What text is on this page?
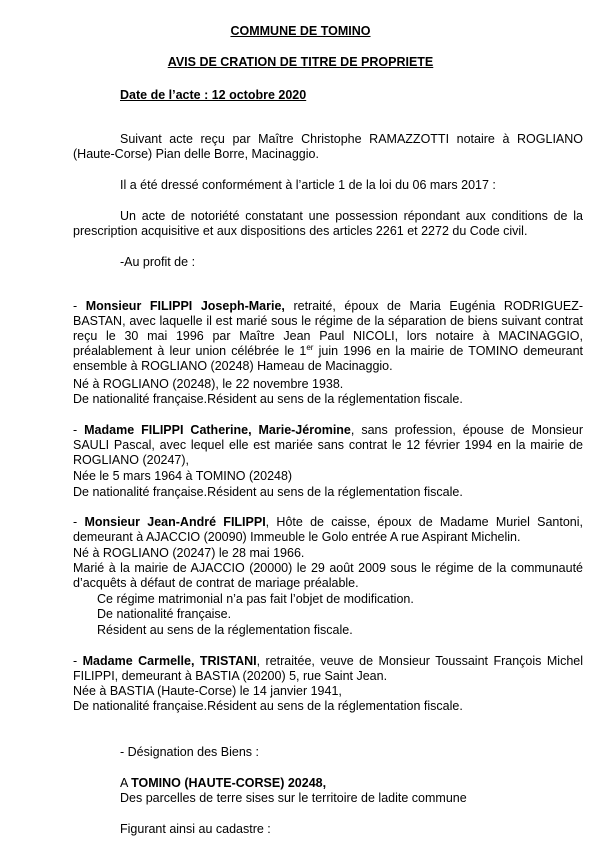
COMMUNE DE TOMINO
AVIS DE CRATION DE TITRE DE PROPRIETE
Date de l’acte : 12 octobre 2020
Suivant acte reçu par Maître Christophe RAMAZZOTTI notaire à ROGLIANO (Haute-Corse) Pian delle Borre, Macinaggio.
Il a été dressé conformément à l’article 1 de la loi du 06 mars 2017 :
Un acte de notoriété constatant une possession répondant aux conditions de la prescription acquisitive et aux dispositions des articles 2261 et 2272 du Code civil.
-Au profit de :
- Monsieur FILIPPI Joseph-Marie, retraité, époux de Maria Eugénia RODRIGUEZ-BASTAN, avec laquelle il est marié sous le régime de la séparation de biens suivant contrat reçu le 30 mai 1996 par Maître Jean Paul NICOLI, lors notaire à MACINAGGIO, préalablement à leur union célébrée le 1er juin 1996 en la mairie de TOMINO demeurant ensemble à ROGLIANO (20248) Hameau de Macinaggio.
Né à ROGLIANO (20248), le 22 novembre 1938.
De nationalité française.Résident au sens de la réglementation fiscale.
- Madame FILIPPI Catherine, Marie-Jéromine, sans profession, épouse de Monsieur SAULI Pascal, avec lequel elle est mariée sans contrat le 12 février 1994 en la mairie de ROGLIANO (20247),
Née le 5 mars 1964 à TOMINO (20248)
De nationalité française.Résident au sens de la réglementation fiscale.
- Monsieur Jean-André FILIPPI, Hôte de caisse, époux de Madame Muriel Santoni, demeurant à AJACCIO (20090) Immeuble le Golo entrée A rue Aspirant Michelin.
Né à ROGLIANO (20247) le 28 mai 1966.
Marié à la mairie de AJACCIO (20000) le 29 août 2009 sous le régime de la communauté d’acquêts à défaut de contrat de mariage préalable.
Ce régime matrimonial n’a pas fait l’objet de modification.
De nationalité française.
Résident au sens de la réglementation fiscale.
- Madame Carmelle, TRISTANI, retraitée, veuve de Monsieur Toussaint François Michel FILIPPI, demeurant à BASTIA (20200) 5, rue Saint Jean.
Née à BASTIA (Haute-Corse) le 14 janvier 1941,
De nationalité française.Résident au sens de la réglementation fiscale.
- Désignation des Biens :
A TOMINO (HAUTE-CORSE) 20248,
Des parcelles de terre sises sur le territoire de ladite commune
Figurant ainsi au cadastre :
